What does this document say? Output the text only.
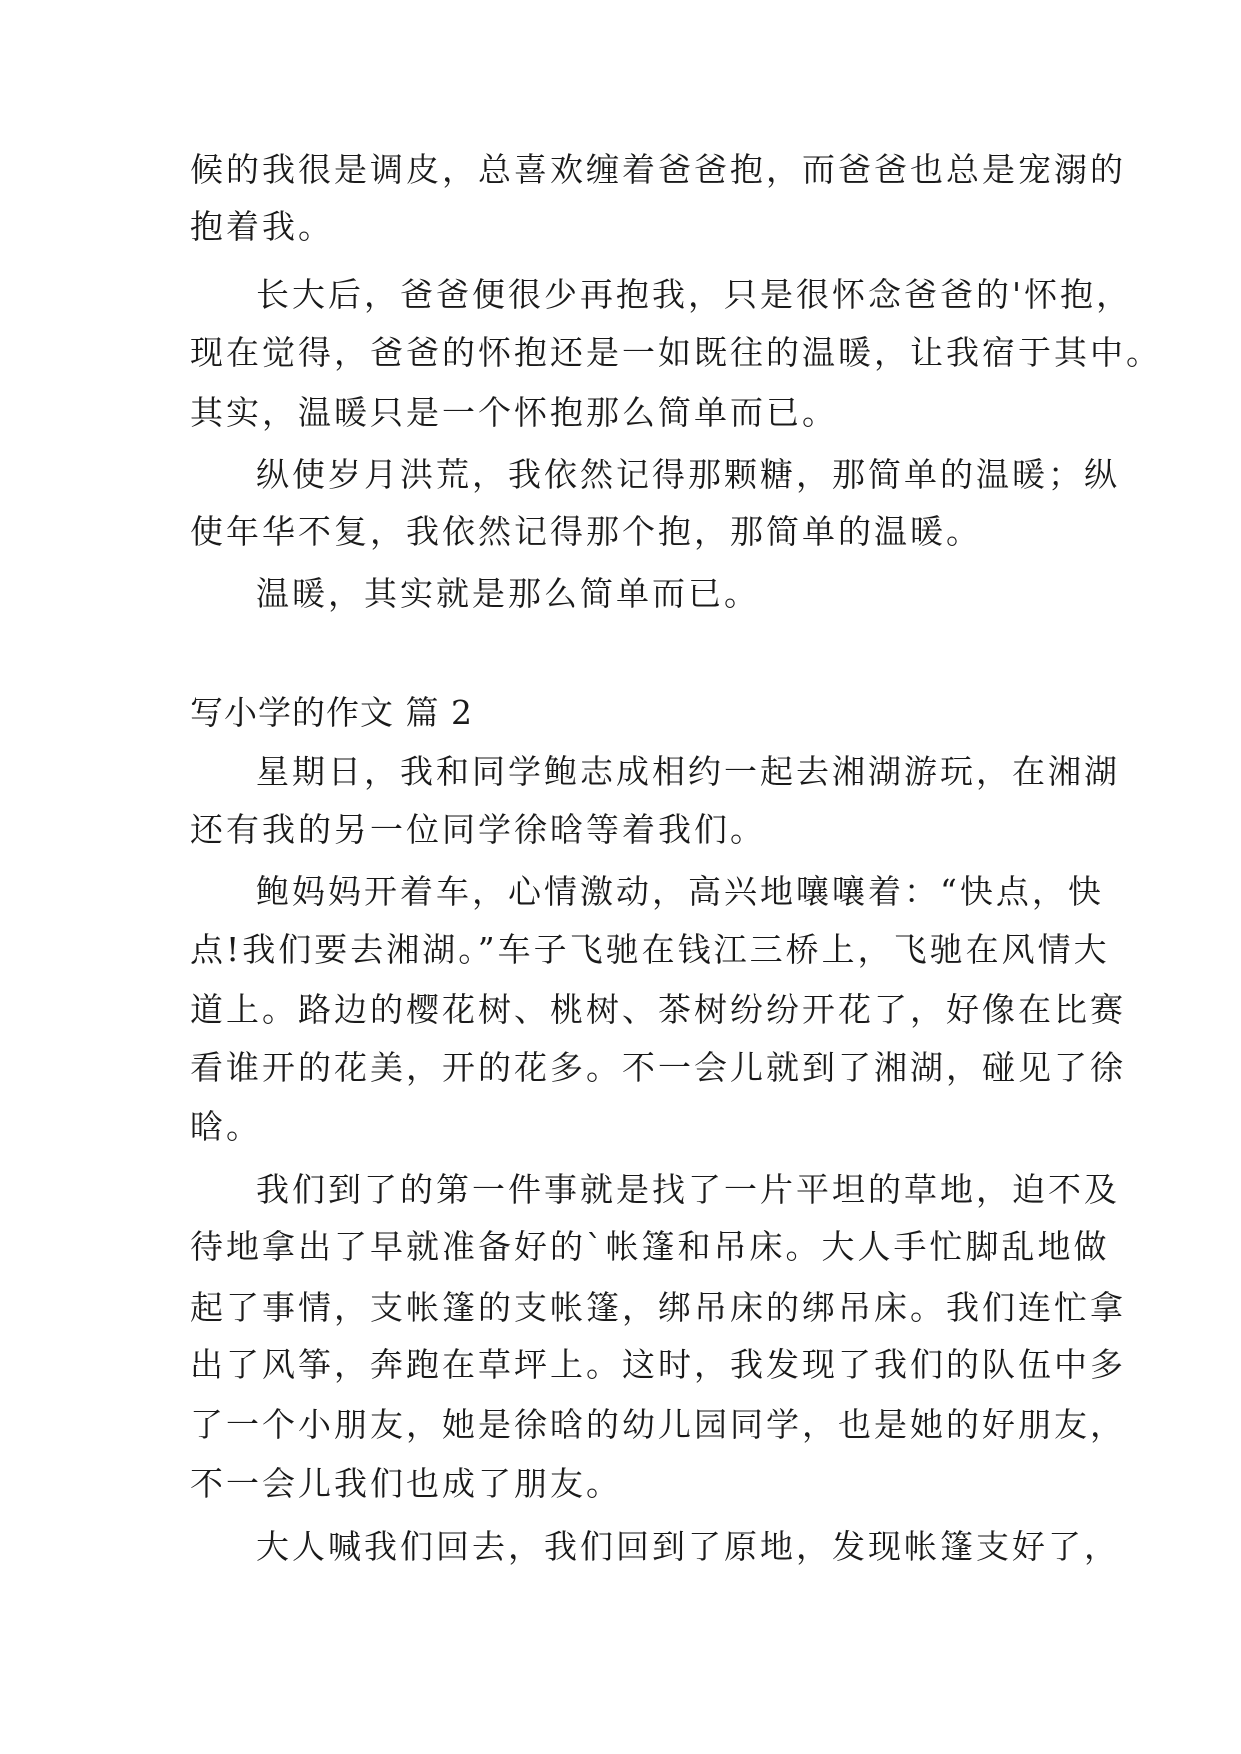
候的我很是调皮，总喜欢缠着爸爸抱，而爸爸也总是宠溺的
抱着我。
长大后，爸爸便很少再抱我，只是很怀念爸爸的'怀抱，
现在觉得，爸爸的怀抱还是一如既往的温暖，让我宿于其中。
其实，温暖只是一个怀抱那么简单而已。
纵使岁月洪荒，我依然记得那颗糖，那简单的温暖；纵
使年华不复，我依然记得那个抱，那简单的温暖。
温暖，其实就是那么简单而已。
写小学的作文 篇 2
星期日，我和同学鲍志成相约一起去湘湖游玩，在湘湖
还有我的另一位同学徐晗等着我们。
鲍妈妈开着车，心情激动，高兴地嚷嚷着：“快点，快
点!我们要去湘湖。”车子飞驰在钱江三桥上，飞驰在风情大
道上。路边的樱花树、桃树、茶树纷纷开花了，好像在比赛
看谁开的花美，开的花多。不一会儿就到了湘湖，碰见了徐
晗。
我们到了的第一件事就是找了一片平坦的草地，迫不及
待地拿出了早就准备好的`帐篷和吊床。大人手忙脚乱地做
起了事情，支帐篷的支帐篷，绑吊床的绑吊床。我们连忙拿
出了风筝，奔跑在草坪上。这时，我发现了我们的队伍中多
了一个小朋友，她是徐晗的幼儿园同学，也是她的好朋友，
不一会儿我们也成了朋友。
大人喊我们回去，我们回到了原地，发现帐篷支好了，
